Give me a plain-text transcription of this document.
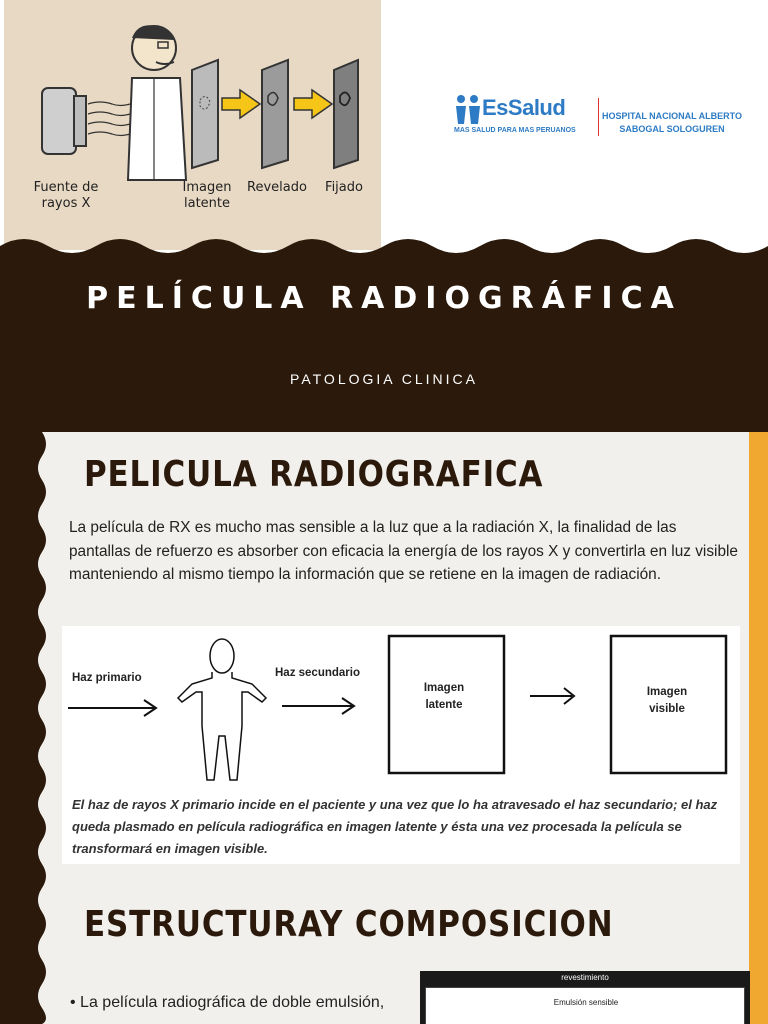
Fuente de rayos X
Imagen latente
Revelado	Fijado
EsSalud
MAS SALUD PARA MAS PERUANOS
HOSPITAL NACIONAL ALBERTO SABOGAL SOLOGUREN
PELÍCULA RADIOGRÁFICA
PATOLOGIA CLINICA
PELICULA RADIOGRAFICA

La película de RX es mucho mas sensible a la luz que a la radiación X, la finalidad de las pantallas de refuerzo es absorber con eficacia la energía de los rayos X y convertirla en luz visible manteniendo al mismo tiempo la información que se retiene en la imagen de radiación.

Haz primario	Haz secundario
Imagen latente
Imagen visible
El haz de rayos X primario incide en el paciente y una vez que lo ha atravesado el haz secundario; el haz queda plasmado en película radiográfica en imagen latente y ésta una vez procesada la película se transformará en imagen visible.
ESTRUCTURAY COMPOSICION
• La película radiográfica de doble emulsión,
revestimiento
Emulsión sensible
